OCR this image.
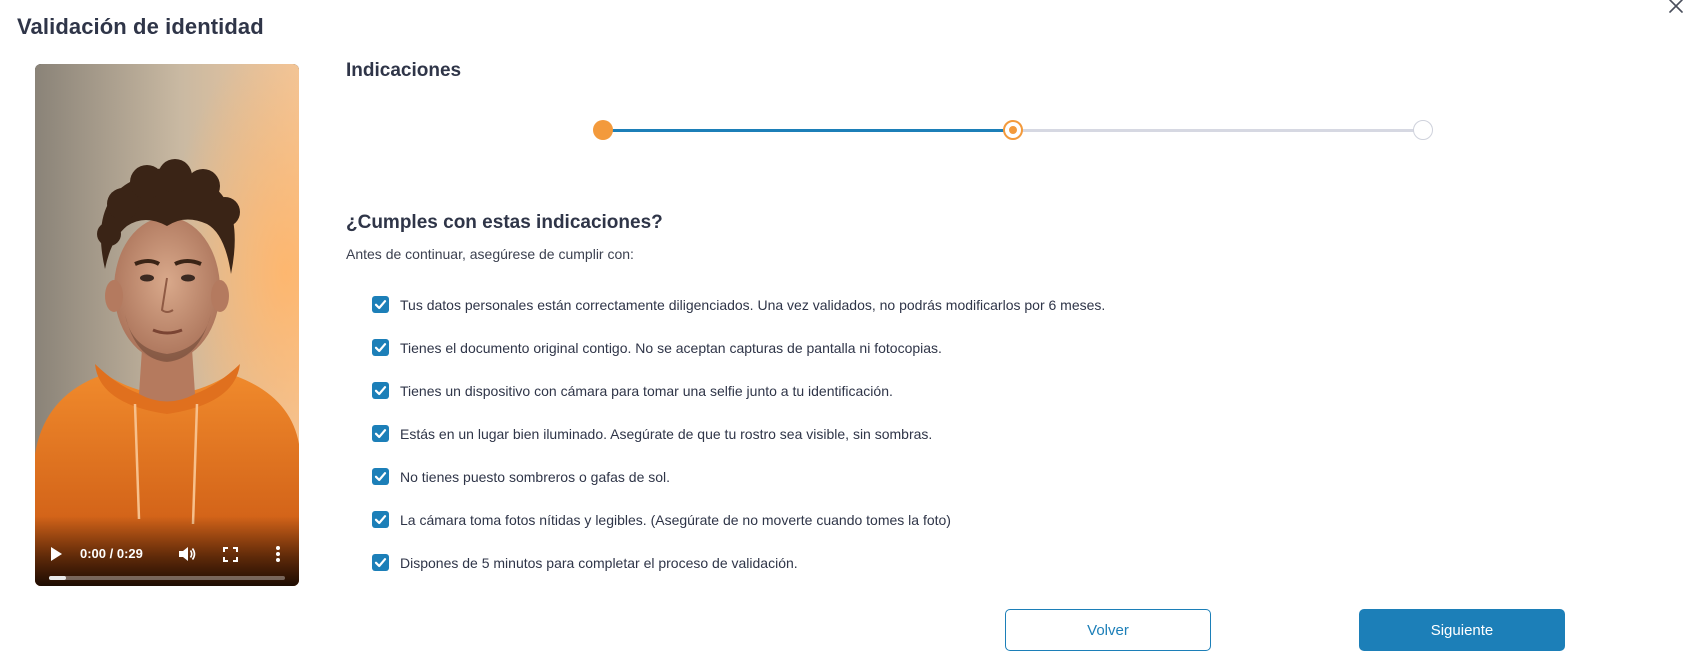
Validación de identidad
0:00 / 0:29
Indicaciones
¿Cumples con estas indicaciones?
Antes de continuar, asegúrese de cumplir con:
Tus datos personales están correctamente diligenciados. Una vez validados, no podrás modificarlos por 6 meses.
Tienes el documento original contigo. No se aceptan capturas de pantalla ni fotocopias.
Tienes un dispositivo con cámara para tomar una selfie junto a tu identificación.
Estás en un lugar bien iluminado. Asegúrate de que tu rostro sea visible, sin sombras.
No tienes puesto sombreros o gafas de sol.
La cámara toma fotos nítidas y legibles. (Asegúrate de no moverte cuando tomes la foto)
Dispones de 5 minutos para completar el proceso de validación.
Volver	Siguiente
